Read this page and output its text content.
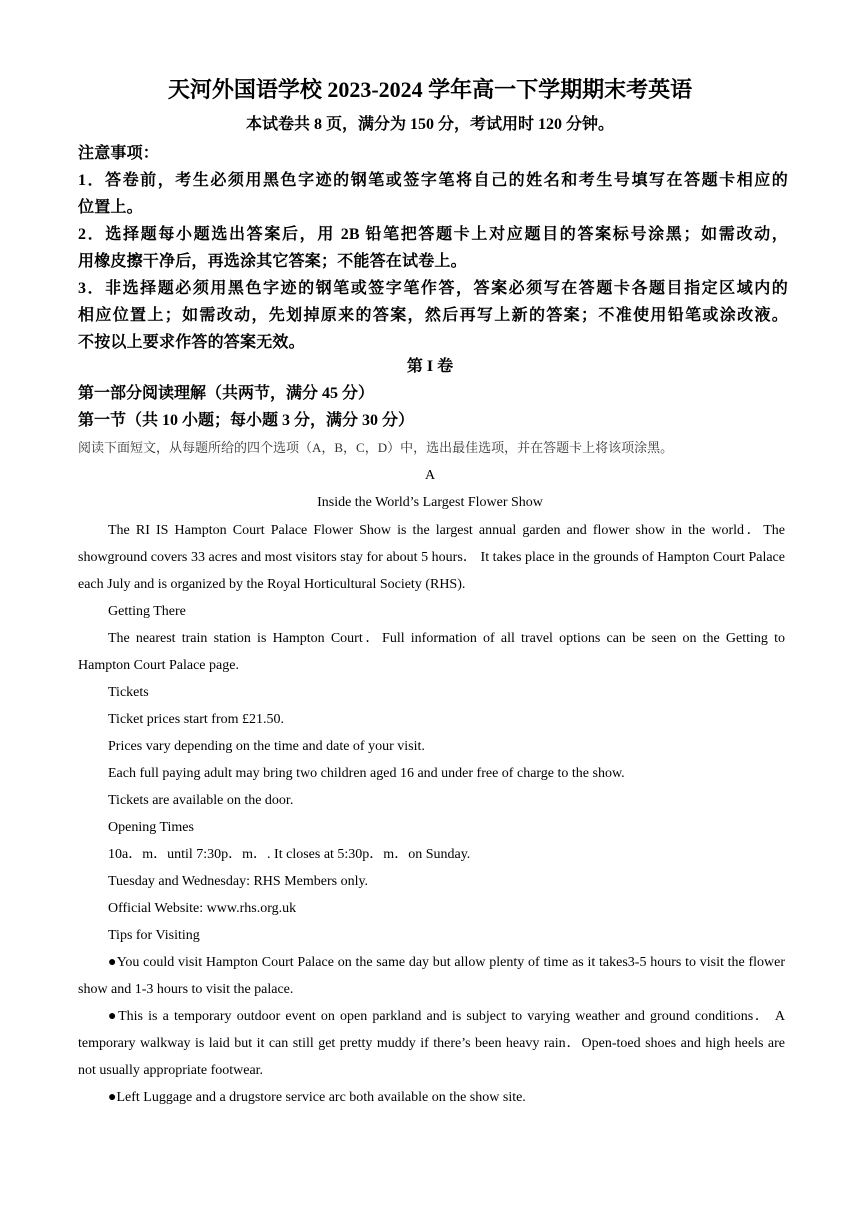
天河外国语学校 2023-2024 学年高一下学期期末考英语
本试卷共 8 页，满分为 150 分，考试用时 120 分钟。
注意事项：
1．答卷前，考生必须用黑色字迹的钢笔或签字笔将自己的姓名和考生号填写在答题卡相应的
位置上。
2．选择题每小题选出答案后，用 2B 铅笔把答题卡上对应题目的答案标号涂黑；如需改动，
用橡皮擦干净后，再选涂其它答案；不能答在试卷上。
3．非选择题必须用黑色字迹的钢笔或签字笔作答，答案必须写在答题卡各题目指定区域内的
相应位置上；如需改动，先划掉原来的答案，然后再写上新的答案；不准使用铅笔或涂改液。
不按以上要求作答的答案无效。
第 I 卷
第一部分阅读理解（共两节，满分 45 分）
第一节（共 10 小题；每小题 3 分，满分 30 分）
阅读下面短文，从每题所给的四个选项（A，B，C，D）中，选出最佳选项，并在答题卡上将该项涂黑。
A
Inside the World’s Largest Flower Show

The RI IS Hampton Court Palace Flower Show is the largest annual garden and flower show in the world．The showground covers 33 acres and most visitors stay for about 5 hours． It takes place in the grounds of Hampton Court Palace each July and is organized by the Royal Horticultural Society (RHS).

Getting There

The nearest train station is Hampton Court．Full information of all travel options can be seen on the Getting to Hampton Court Palace page.

Tickets

Ticket prices start from £21.50.

Prices vary depending on the time and date of your visit.

Each full paying adult may bring two children aged 16 and under free of charge to the show.

Tickets are available on the door.

Opening Times

10a．m．until 7:30p．m．. It closes at 5:30p．m．on Sunday.

Tuesday and Wednesday: RHS Members only.

Official Website: www.rhs.org.uk

Tips for Visiting

●You could visit Hampton Court Palace on the same day but allow plenty of time as it takes3-5 hours to visit the flower show and 1-3 hours to visit the palace.

●This is a temporary outdoor event on open parkland and is subject to varying weather and ground conditions． A temporary walkway is laid but it can still get pretty muddy if there’s been heavy rain．Open-toed shoes and high heels are not usually appropriate footwear.

●Left Luggage and a drugstore service arc both available on the show site.
